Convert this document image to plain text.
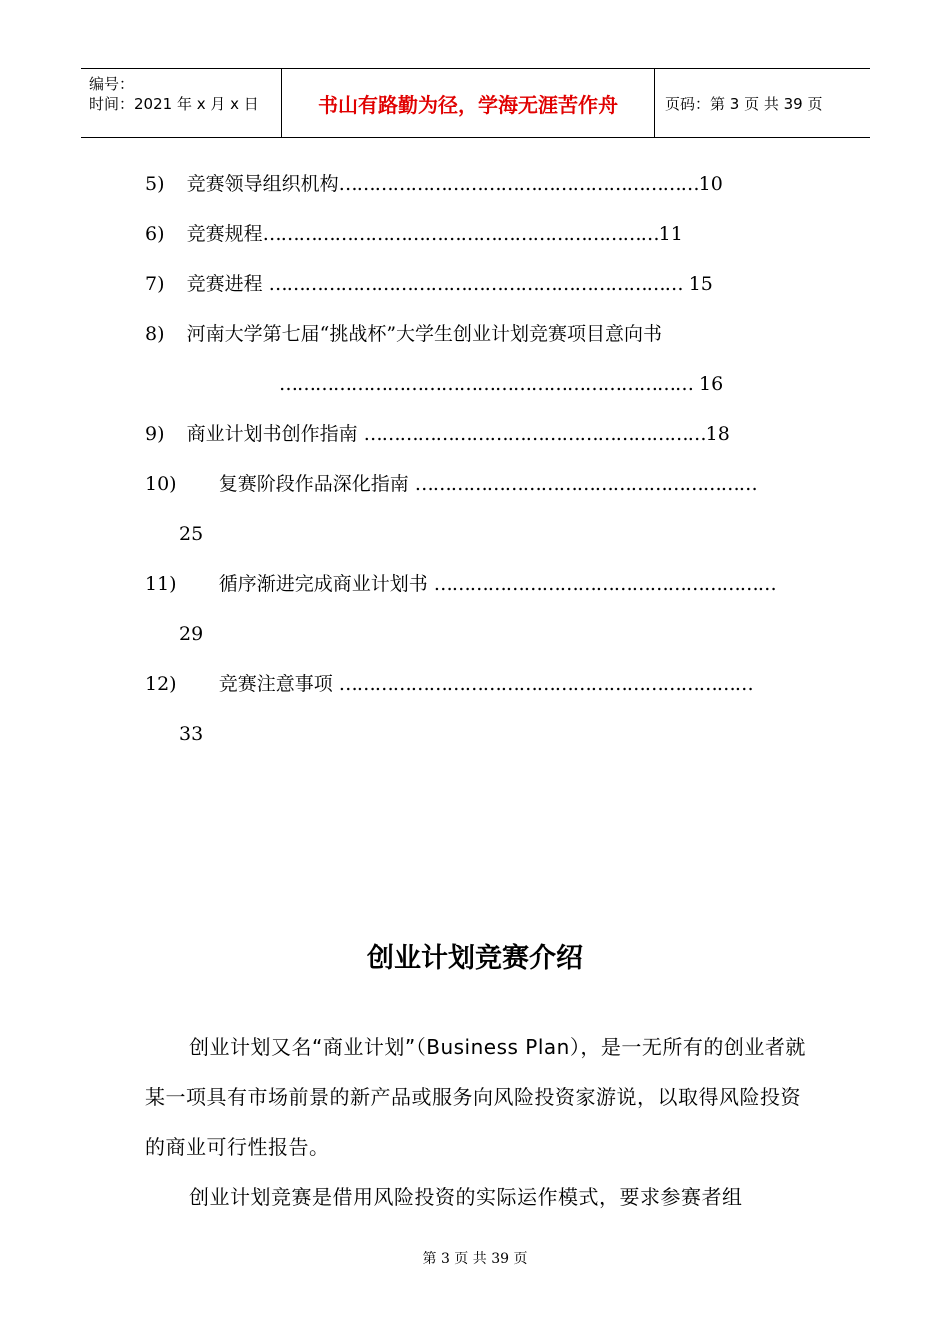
编号：
时间：2021 年 x 月 x 日	书山有路勤为径，学海无涯苦作舟	页码：第 3 页 共 39 页
5) 竞赛领导组织机构……………………………………………………10
6) 竞赛规程…………………………………………………………11
7) 竞赛进程 …………………………………………………………… 15
8) 河南大学第七届“挑战杯”大学生创业计划竞赛项目意向书
…………………………………………………………… 16
9) 商业计划书创作指南 …………………………………………………18
10) 复赛阶段作品深化指南 …………………………………………………
25
11) 循序渐进完成商业计划书 …………………………………………………
29
12) 竞赛注意事项 ……………………………………………………………
33
创业计划竞赛介绍

创业计划又名“商业计划”（Business Plan），是一无所有的创业者就某一项具有市场前景的新产品或服务向风险投资家游说，以取得风险投资的商业可行性报告。

创业计划竞赛是借用风险投资的实际运作模式，要求参赛者组

第 3 页 共 39 页
